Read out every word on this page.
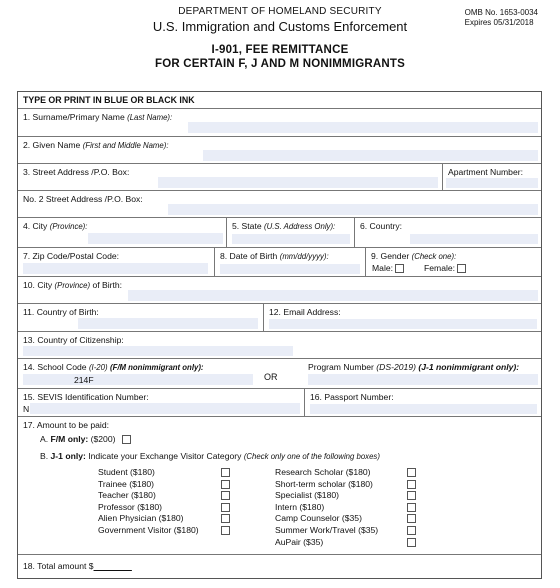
DEPARTMENT OF HOMELAND SECURITY
U.S. Immigration and Customs Enforcement
OMB No. 1653-0034
Expires 05/31/2018
I-901, FEE REMITTANCE
FOR CERTAIN F, J AND M NONIMMIGRANTS
TYPE OR PRINT IN BLUE OR BLACK INK
1. Surname/Primary Name (Last Name):
2. Given Name (First and Middle Name):
3. Street Address /P.O. Box:	Apartment Number:
No. 2 Street Address /P.O. Box:
4. City (Province):	5. State (U.S. Address Only):	6. Country:
7. Zip Code/Postal Code:	8. Date of Birth (mm/dd/yyyy):	9. Gender (Check one):
Male:	Female:
10. City (Province) of Birth:
11. Country of Birth:	12. Email Address:
13. Country of Citizenship:
14. School Code (I-20) (F/M nonimmigrant only):
214F	OR
Program Number (DS-2019) (J-1 nonimmigrant only):
15. SEVIS Identification Number:
N
16. Passport Number:
17. Amount to be paid:
A. F/M only: ($200)
B. J-1 only: Indicate your Exchange Visitor Category (Check only one of the following boxes)
Student ($180)
Trainee ($180)
Teacher ($180)
Professor ($180)
Alien Physician ($180)
Government Visitor ($180)
Research Scholar ($180)
Short-term scholar ($180)
Specialist ($180)
Intern ($180)
Camp Counselor ($35)
Summer Work/Travel ($35)
AuPair ($35)
18. Total amount $________
